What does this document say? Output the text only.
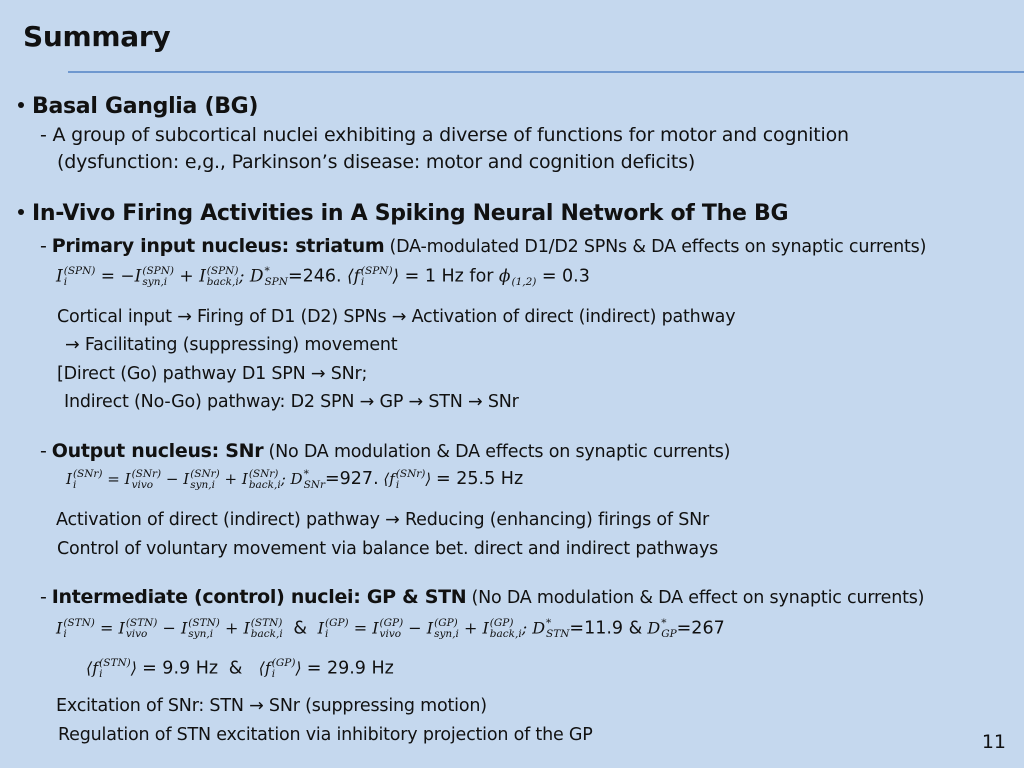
Summary
Basal Ganglia (BG)
- A group of subcortical nuclei exhibiting a diverse of functions for motor and cognition
(dysfunction: e,g., Parkinson’s disease: motor and cognition deficits)
In-Vivo Firing Activities in A Spiking Neural Network of The BG
- Primary input nucleus: striatum (DA-modulated D1/D2 SPNs & DA effects on synaptic currents)
I (SPN)
i	= −I (SPN)
syn,i + I (SPN)
back,i ; D *
SPN =246. ⟨f (SPN)
i	⟩ = 1 Hz for ϕ
(1,2) = 0.3
Cortical input → Firing of D1 (D2) SPNs → Activation of direct (indirect) pathway
→ Facilitating (suppressing) movement
[Direct (Go) pathway D1 SPN → SNr;
Indirect (No-Go) pathway: D2 SPN → GP → STN → SNr
- Output nucleus: SNr (No DA modulation & DA effects on synaptic currents)
I (SNr)
i	= I (SNr)
vivo − I (SNr)
syn,i + I (SNr)
back,i ; D *
SNr =927. ⟨f (SNr)
i	⟩ = 25.5 Hz
Activation of direct (indirect) pathway → Reducing (enhancing) firings of SNr
Control of voluntary movement via balance bet. direct and indirect pathways
- Intermediate (control) nuclei: GP & STN (No DA modulation & DA effect on synaptic currents)
I (STN)
i	= I (STN)
vivo − I (STN)
syn,i + I (STN)
back,i &  I (GP)
i	= I (GP)
vivo − I (GP)
syn,i + I (GP)
back,i ; D *
STN =11.9 & D *
GP =267
⟨f (STN)
i	⟩ = 9.9 Hz &   ⟨f (GP)
i	⟩ = 29.9 Hz
Excitation of SNr: STN → SNr (suppressing motion)
Regulation of STN excitation via inhibitory projection of the GP	11
